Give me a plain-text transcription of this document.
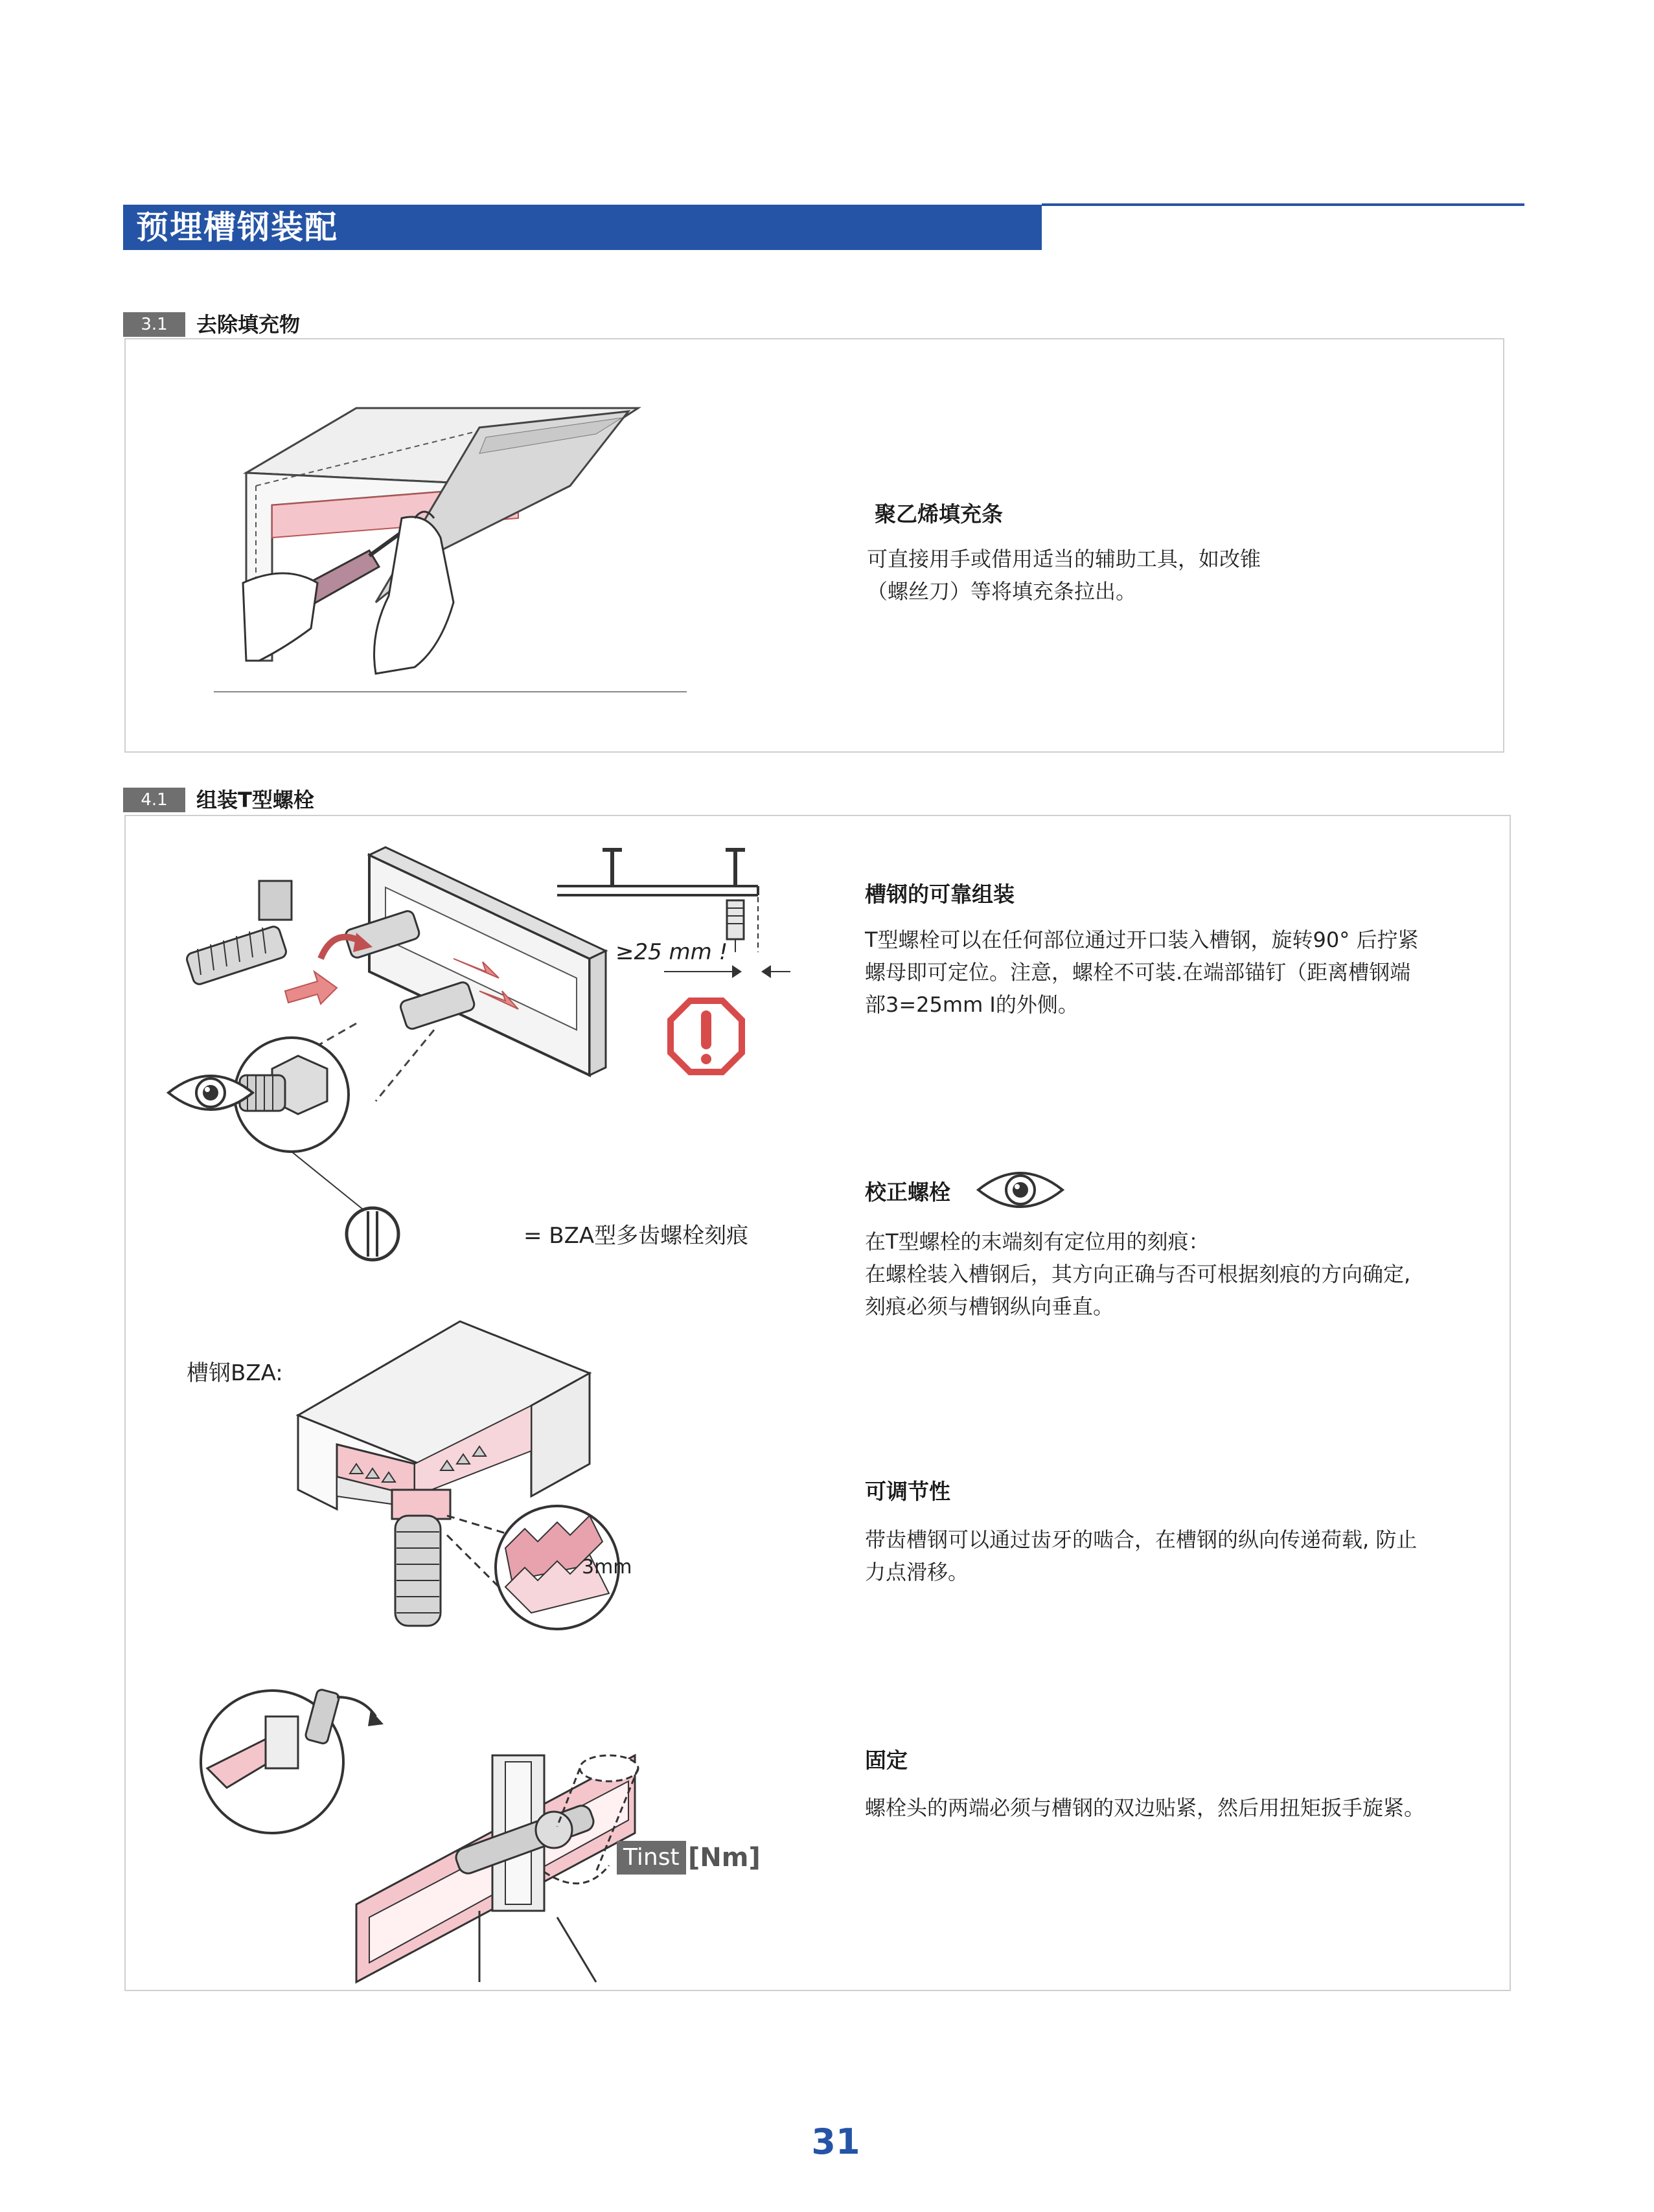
预埋槽钢装配
3.1	去除填充物
聚乙烯填充条
可直接用手或借用适当的辅助工具，如改锥
（螺丝刀）等将填充条拉出。
4.1	组装T型螺栓
≥25 mm !
= BZA型多齿螺栓刻痕
槽钢BZA:
3mm
Tinst [Nm]
槽钢的可靠组装
T型螺栓可以在任何部位通过开口装入槽钢，旋转90° 后拧紧
螺母即可定位。注意，螺栓不可装.在端部锚钉（距离槽钢端
部3=25mm I的外侧。
校正螺栓
在T型螺栓的末端刻有定位用的刻痕：
在螺栓装入槽钢后，其方向正确与否可根据刻痕的方向确定,
刻痕必须与槽钢纵向垂直。
可调节性
带齿槽钢可以通过齿牙的啮合，在槽钢的纵向传递荷载, 防止
力点滑移。
固定
螺栓头的两端必须与槽钢的双边贴紧，然后用扭矩扳手旋紧。
31
